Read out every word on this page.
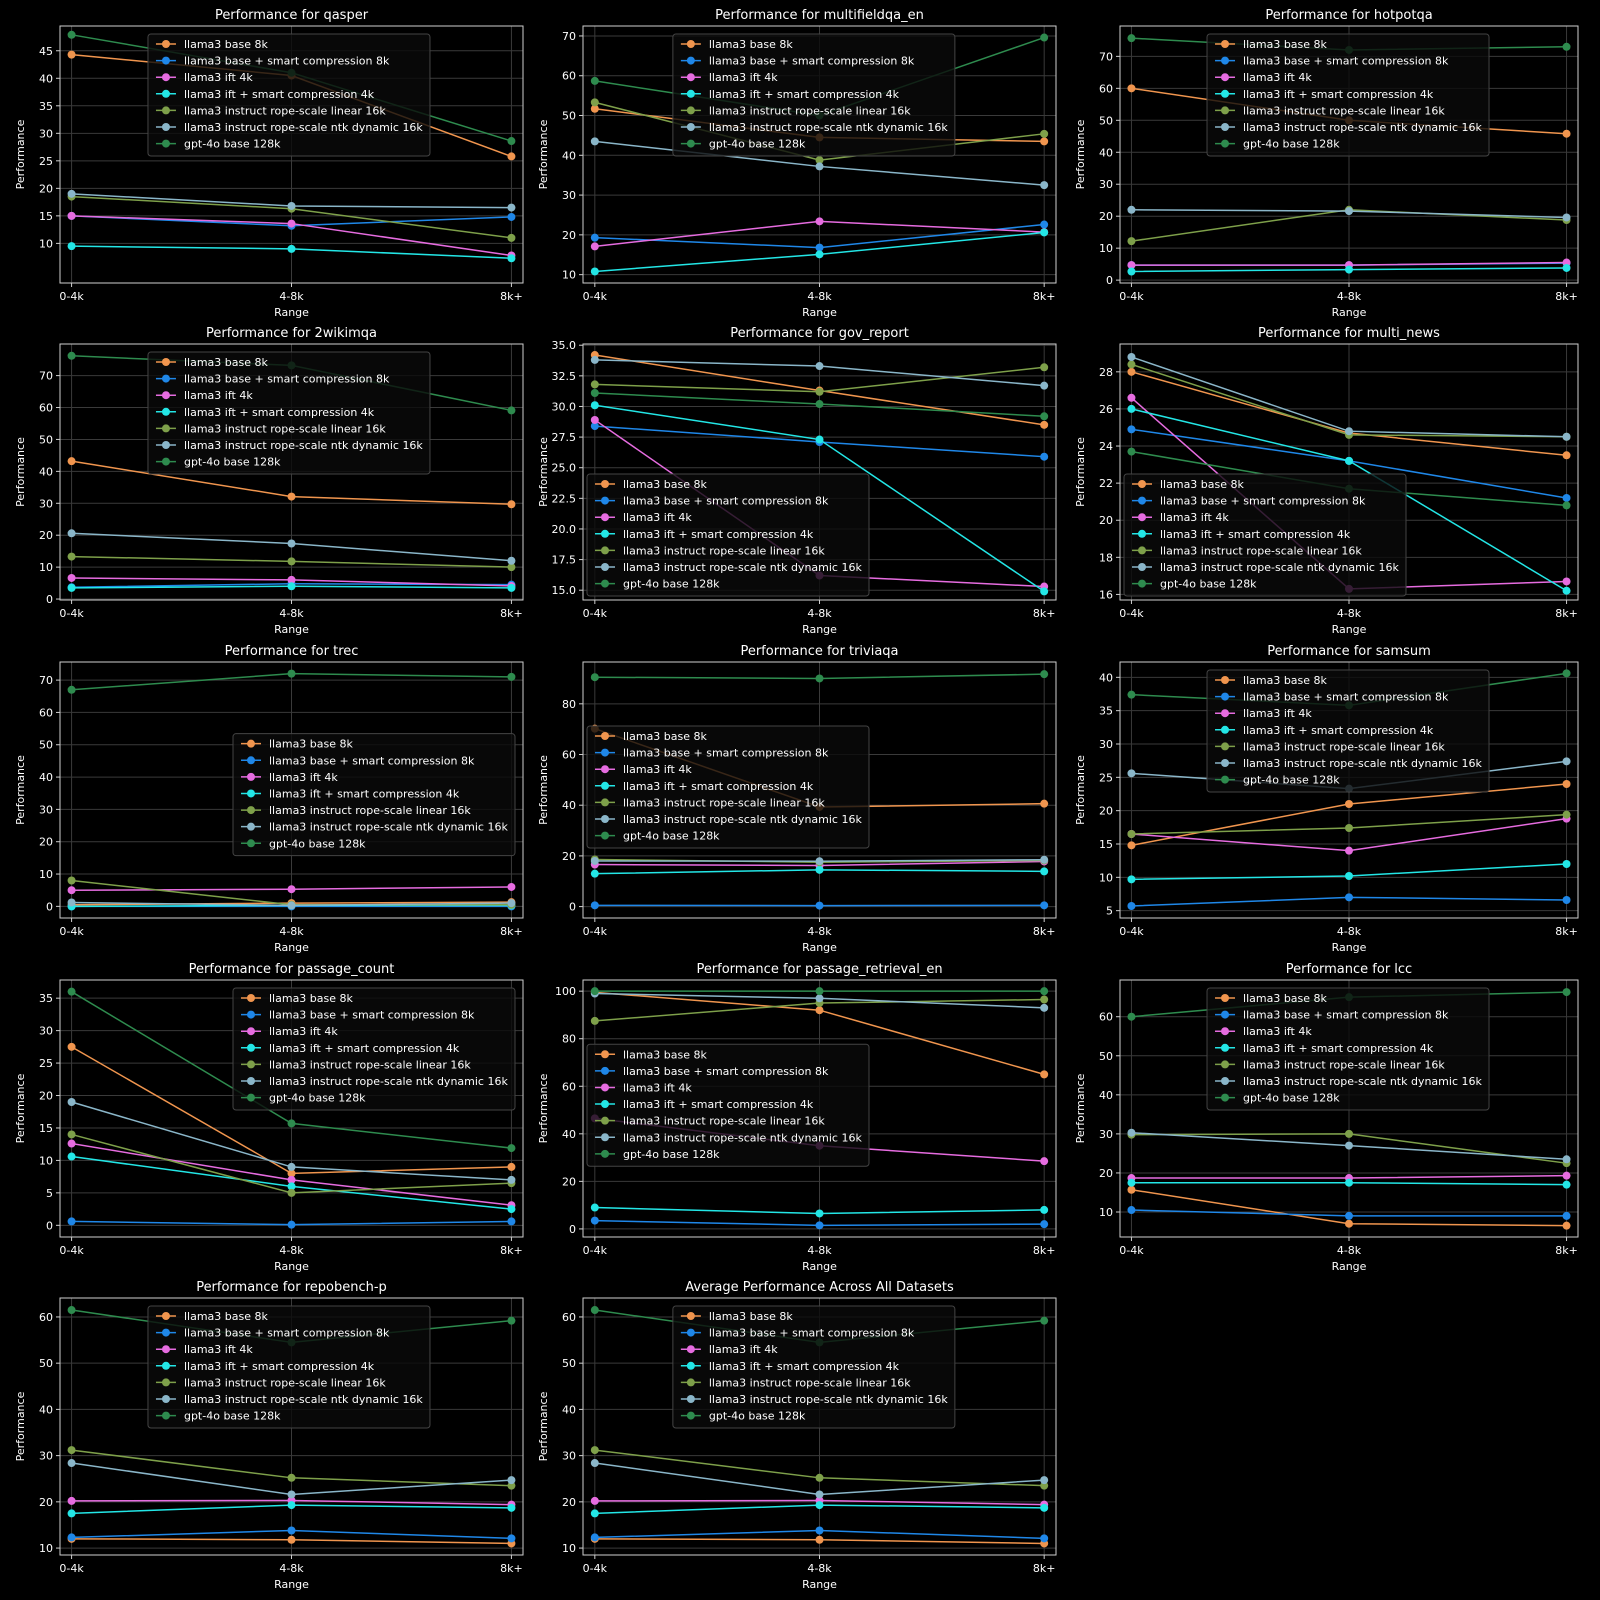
10
15
20
25
30
35
40
45
0-4k	4-8k	8k+
Performance for qasper
Range
Performance
llama3 base 8k
llama3 base + smart compression 8k
llama3 ift 4k
llama3 ift + smart compression 4k
llama3 instruct rope-scale linear 16k
llama3 instruct rope-scale ntk dynamic 16k
gpt-4o base 128k
10
20
30
40
50
60
70
0-4k	4-8k	8k+
Performance for multifieldqa_en
Range
Performance
llama3 base 8k
llama3 base + smart compression 8k
llama3 ift 4k
llama3 ift + smart compression 4k
llama3 instruct rope-scale linear 16k
llama3 instruct rope-scale ntk dynamic 16k
gpt-4o base 128k
0
10
20
30
40
50
60
70
0-4k	4-8k	8k+
Performance for hotpotqa
Range
Performance
llama3 base 8k
llama3 base + smart compression 8k
llama3 ift 4k
llama3 ift + smart compression 4k
llama3 instruct rope-scale linear 16k
llama3 instruct rope-scale ntk dynamic 16k
gpt-4o base 128k
0
10
20
30
40
50
60
70
0-4k	4-8k	8k+
Performance for 2wikimqa
Range
Performance
llama3 base 8k
llama3 base + smart compression 8k
llama3 ift 4k
llama3 ift + smart compression 4k
llama3 instruct rope-scale linear 16k
llama3 instruct rope-scale ntk dynamic 16k
gpt-4o base 128k
15.0
17.5
20.0
22.5
25.0
27.5
30.0
32.5
35.0
0-4k	4-8k	8k+
Performance for gov_report
Range
Performance	llama3 base 8k
llama3 base + smart compression 8k
llama3 ift 4k
llama3 ift + smart compression 4k
llama3 instruct rope-scale linear 16k
llama3 instruct rope-scale ntk dynamic 16k
gpt-4o base 128k
16
18
20
22
24
26
28
0-4k	4-8k	8k+
Performance for multi_news
Range
Performance	llama3 base 8k
llama3 base + smart compression 8k
llama3 ift 4k
llama3 ift + smart compression 4k
llama3 instruct rope-scale linear 16k
llama3 instruct rope-scale ntk dynamic 16k
gpt-4o base 128k
0
10
20
30
40
50
60
70
0-4k	4-8k	8k+
Performance for trec
Range
Performance
llama3 base 8k
llama3 base + smart compression 8k
llama3 ift 4k
llama3 ift + smart compression 4k
llama3 instruct rope-scale linear 16k
llama3 instruct rope-scale ntk dynamic 16k
gpt-4o base 128k
0
20
40
60
80
0-4k	4-8k	8k+
Performance for triviaqa
Range
Performance
llama3 base 8k
llama3 base + smart compression 8k
llama3 ift 4k
llama3 ift + smart compression 4k
llama3 instruct rope-scale linear 16k
llama3 instruct rope-scale ntk dynamic 16k
gpt-4o base 128k
5
10
15
20
25
30
35
40
0-4k	4-8k	8k+
Performance for samsum
Range
Performance
llama3 base 8k
llama3 base + smart compression 8k
llama3 ift 4k
llama3 ift + smart compression 4k
llama3 instruct rope-scale linear 16k
llama3 instruct rope-scale ntk dynamic 16k
gpt-4o base 128k
0
5
10
15
20
25
30
35
0-4k	4-8k	8k+
Performance for passage_count
Range
Performance
llama3 base 8k
llama3 base + smart compression 8k
llama3 ift 4k
llama3 ift + smart compression 4k
llama3 instruct rope-scale linear 16k
llama3 instruct rope-scale ntk dynamic 16k
gpt-4o base 128k
0
20
40
60
80
100
0-4k	4-8k	8k+
Performance for passage_retrieval_en
Range
Performance
llama3 base 8k
llama3 base + smart compression 8k
llama3 ift 4k
llama3 ift + smart compression 4k
llama3 instruct rope-scale linear 16k
llama3 instruct rope-scale ntk dynamic 16k
gpt-4o base 128k
10
20
30
40
50
60
0-4k	4-8k	8k+
Performance for lcc
Range
Performance
llama3 base 8k
llama3 base + smart compression 8k
llama3 ift 4k
llama3 ift + smart compression 4k
llama3 instruct rope-scale linear 16k
llama3 instruct rope-scale ntk dynamic 16k
gpt-4o base 128k
10
20
30
40
50
60
0-4k	4-8k	8k+
Performance for repobench-p
Range
Performance
llama3 base 8k
llama3 base + smart compression 8k
llama3 ift 4k
llama3 ift + smart compression 4k
llama3 instruct rope-scale linear 16k
llama3 instruct rope-scale ntk dynamic 16k
gpt-4o base 128k
10
20
30
40
50
60
0-4k	4-8k	8k+
Average Performance Across All Datasets
Range
Performance
llama3 base 8k
llama3 base + smart compression 8k
llama3 ift 4k
llama3 ift + smart compression 4k
llama3 instruct rope-scale linear 16k
llama3 instruct rope-scale ntk dynamic 16k
gpt-4o base 128k
